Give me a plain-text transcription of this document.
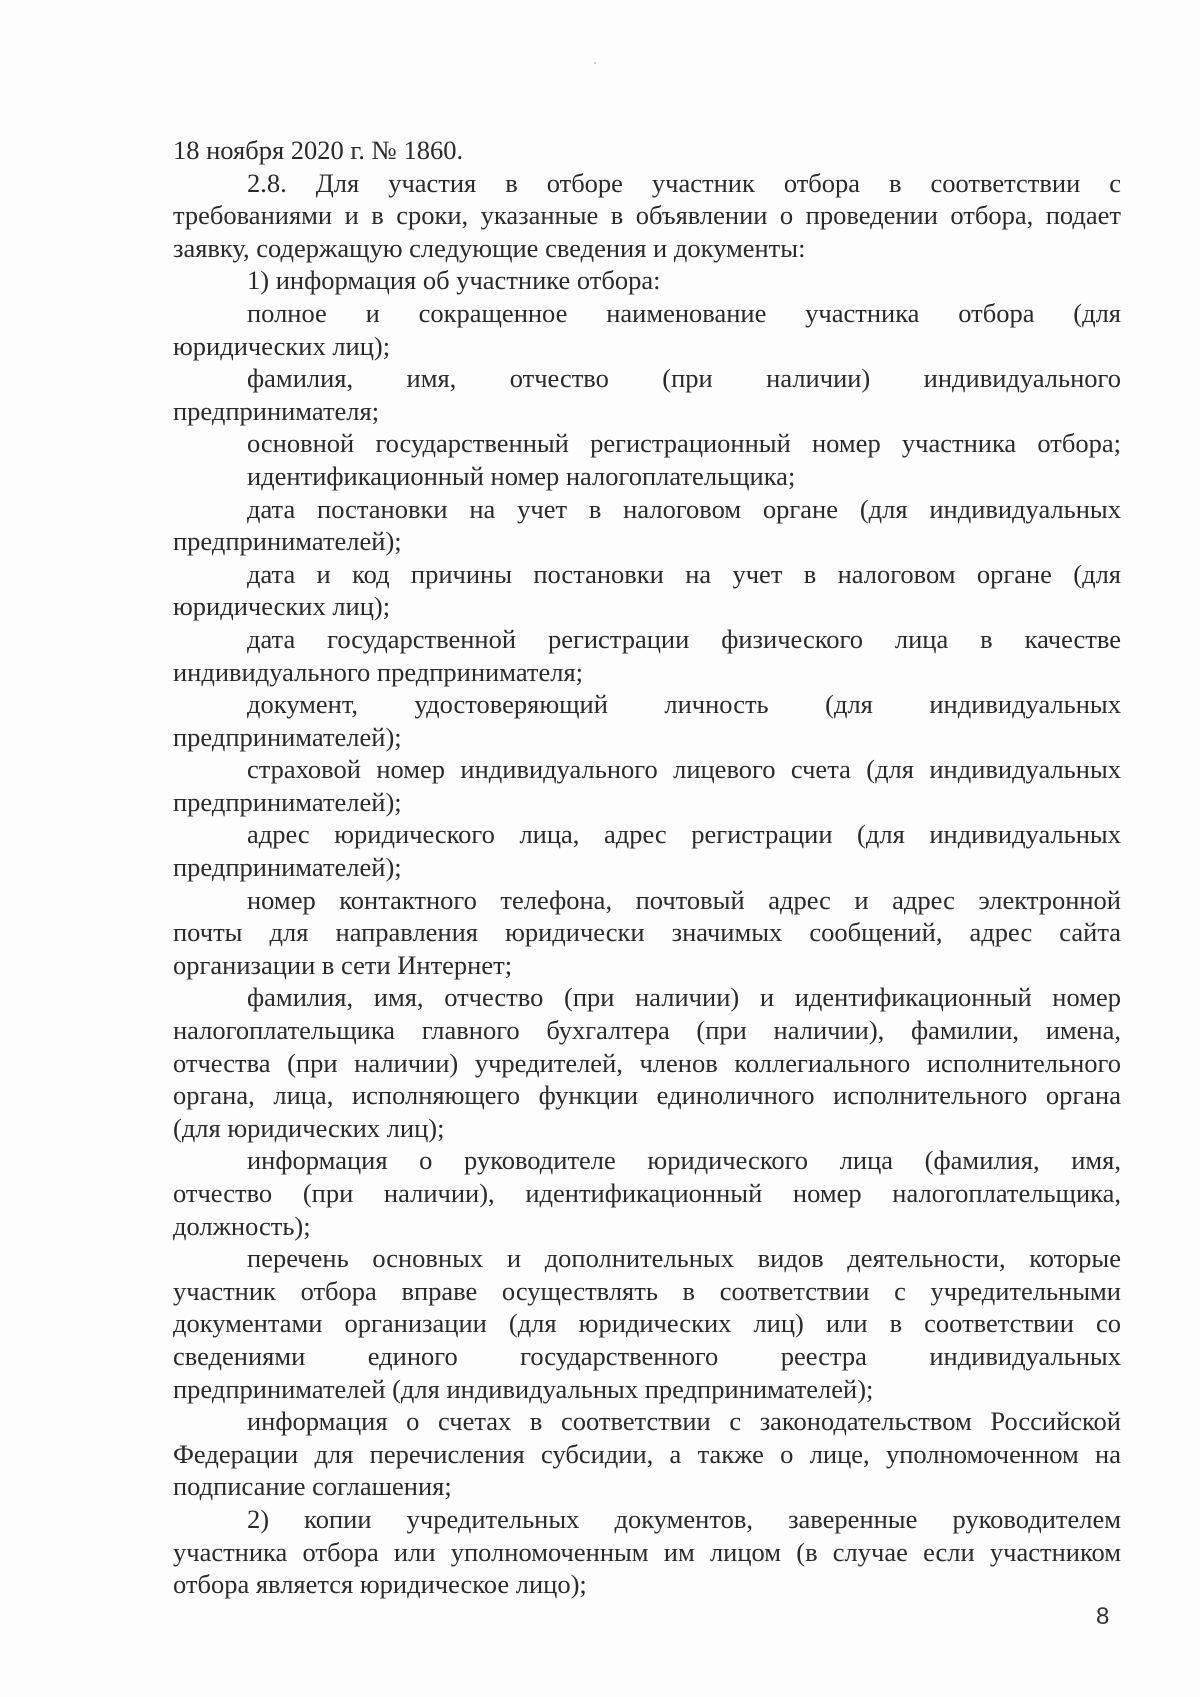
18 ноября 2020 г. № 1860.
2.8. Для участия в отборе участник отбора в соответствии с
требованиями и в сроки, указанные в объявлении о проведении отбора, подает
заявку, содержащую следующие сведения и документы:
1) информация об участнике отбора:
полное и сокращенное наименование участника отбора (для
юридических лиц);
фамилия, имя, отчество (при наличии) индивидуального
предпринимателя;
основной государственный регистрационный номер участника отбора;
идентификационный номер налогоплательщика;
дата постановки на учет в налоговом органе (для индивидуальных
предпринимателей);
дата и код причины постановки на учет в налоговом органе (для
юридических лиц);
дата государственной регистрации физического лица в качестве
индивидуального предпринимателя;
документ, удостоверяющий личность (для индивидуальных
предпринимателей);
страховой номер индивидуального лицевого счета (для индивидуальных
предпринимателей);
адрес юридического лица, адрес регистрации (для индивидуальных
предпринимателей);
номер контактного телефона, почтовый адрес и адрес электронной
почты для направления юридически значимых сообщений, адрес сайта
организации в сети Интернет;
фамилия, имя, отчество (при наличии) и идентификационный номер
налогоплательщика главного бухгалтера (при наличии), фамилии, имена,
отчества (при наличии) учредителей, членов коллегиального исполнительного
органа, лица, исполняющего функции единоличного исполнительного органа
(для юридических лиц);
информация о руководителе юридического лица (фамилия, имя,
отчество (при наличии), идентификационный номер налогоплательщика,
должность);
перечень основных и дополнительных видов деятельности, которые
участник отбора вправе осуществлять в соответствии с учредительными
документами организации (для юридических лиц) или в соответствии со
сведениями единого государственного реестра индивидуальных
предпринимателей (для индивидуальных предпринимателей);
информация о счетах в соответствии с законодательством Российской
Федерации для перечисления субсидии, а также о лице, уполномоченном на
подписание соглашения;
2) копии учредительных документов, заверенные руководителем
участника отбора или уполномоченным им лицом (в случае если участником
отбора является юридическое лицо);
8
